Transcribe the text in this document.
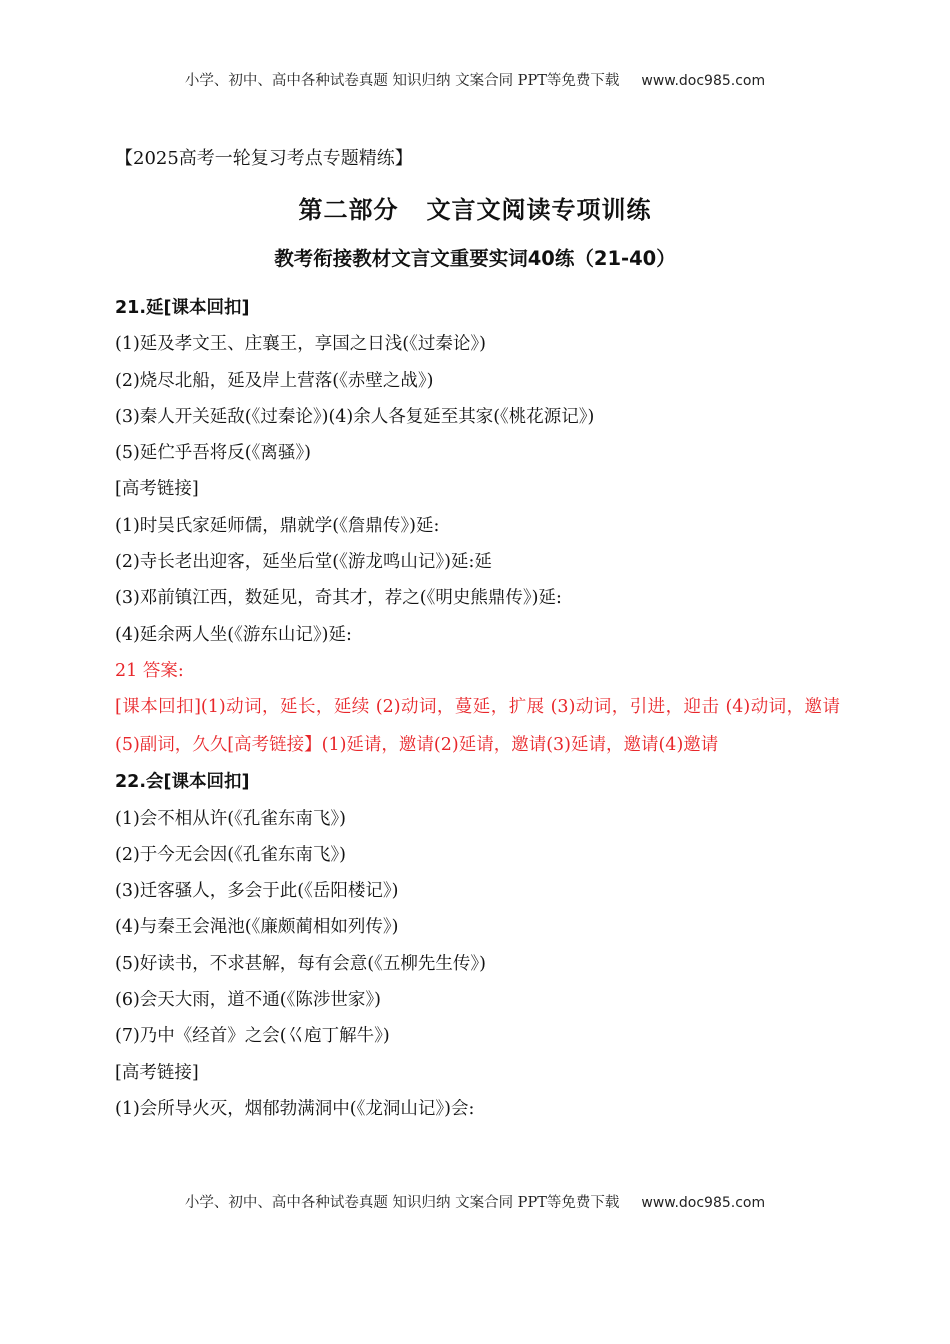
小学、初中、高中各种试卷真题 知识归纳 文案合同 PPT等免费下载 www.doc985.com
【2025高考一轮复习考点专题精练】
第二部分 文言文阅读专项训练
教考衔接教材文言文重要实词40练（21-40）
21.延[课本回扣]
(1)延及孝文王、庄襄王，享国之日浅(《过秦论》)
(2)烧尽北船，延及岸上营落(《赤壁之战》)
(3)秦人开关延敌(《过秦论》)(4)余人各复延至其家(《桃花源记》)
(5)延伫乎吾将反(《离骚》)
[高考链接]
(1)时吴氏家延师儒，鼎就学(《詹鼎传》)延:
(2)寺长老出迎客，延坐后堂(《游龙鸣山记》)延:延
(3)邓前镇江西，数延见，奇其才，荐之(《明史熊鼎传》)延:
(4)延余两人坐(《游东山记》)延:
21 答案:
[课本回扣](1)动词，延长，延续 (2)动词，蔓延，扩展 (3)动词，引进，迎击 (4)动词，邀请(5)副词，久久[高考链接】(1)延请，邀请(2)延请，邀请(3)延请，邀请(4)邀请
22.会[课本回扣]
(1)会不相从许(《孔雀东南飞》)
(2)于今无会因(《孔雀东南飞》)
(3)迁客骚人，多会于此(《岳阳楼记》)
(4)与秦王会渑池(《廉颇蔺相如列传》)
(5)好读书，不求甚解，每有会意(《五柳先生传》)
(6)会天大雨，道不通(《陈涉世家》)
(7)乃中《经首》之会(巜庖丁解牛》)
[高考链接]
(1)会所导火灭，烟郁勃满洞中(《龙洞山记》)会:
小学、初中、高中各种试卷真题 知识归纳 文案合同 PPT等免费下载 www.doc985.com
